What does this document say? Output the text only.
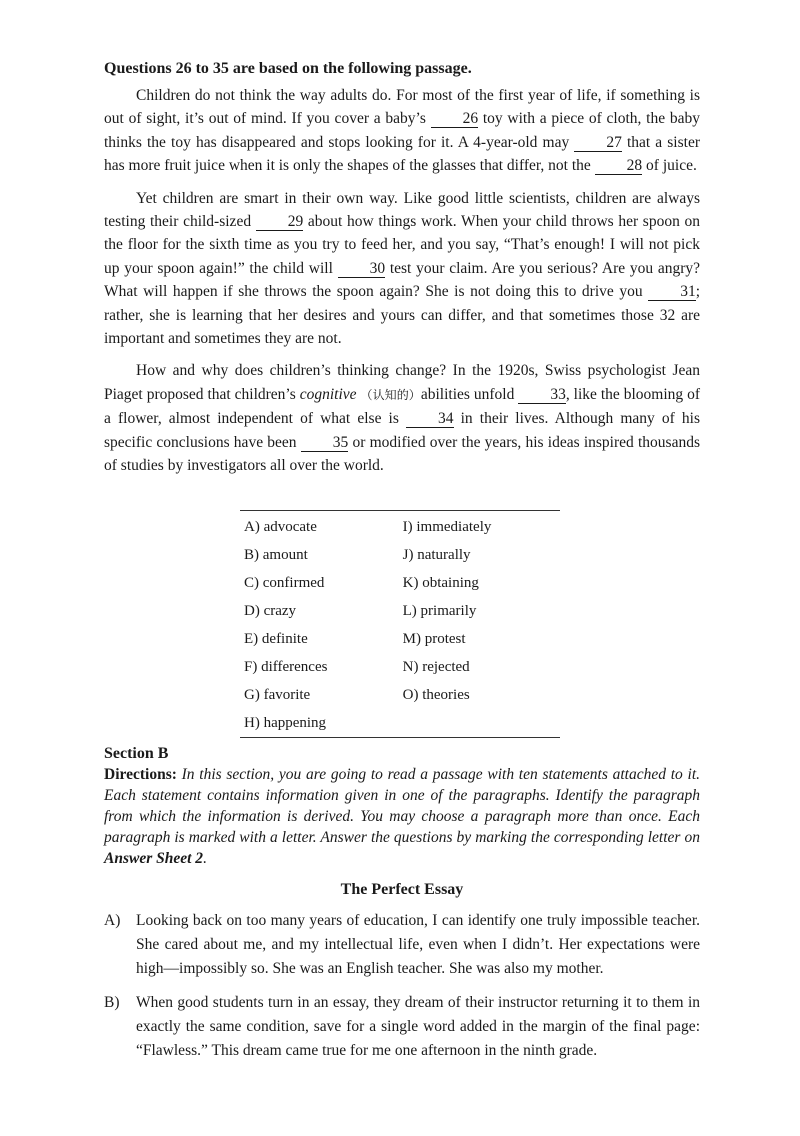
Questions 26 to 35 are based on the following passage.

Children do not think the way adults do. For most of the first year of life, if something is out of sight, it’s out of mind. If you cover a baby’s 26 toy with a piece of cloth, the baby thinks the toy has disappeared and stops looking for it. A 4-year-old may 27 that a sister has more fruit juice when it is only the shapes of the glasses that differ, not the 28 of juice.

Yet children are smart in their own way. Like good little scientists, children are always testing their child-sized 29 about how things work. When your child throws her spoon on the floor for the sixth time as you try to feed her, and you say, “That’s enough! I will not pick up your spoon again!” the child will 30 test your claim. Are you serious? Are you angry? What will happen if she throws the spoon again? She is not doing this to drive you 31; rather, she is learning that her desires and yours can differ, and that sometimes those 32 are important and sometimes they are not.

How and why does children’s thinking change? In the 1920s, Swiss psychologist Jean Piaget proposed that children’s cognitive （认知的）abilities unfold 33, like the blooming of a flower, almost independent of what else is 34 in their lives. Although many of his specific conclusions have been 35 or modified over the years, his ideas inspired thousands of studies by investigators all over the world.

A) advocate	I) immediately
B) amount	J) naturally
C) confirmed	K) obtaining
D) crazy	L) primarily
E) definite	M) protest
F) differences	N) rejected
G) favorite	O) theories
H) happening	

Section B

Directions: In this section, you are going to read a passage with ten statements attached to it. Each statement contains information given in one of the paragraphs. Identify the paragraph from which the information is derived. You may choose a paragraph more than once. Each paragraph is marked with a letter. Answer the questions by marking the corresponding letter on Answer Sheet 2.

The Perfect Essay

A)	Looking back on too many years of education, I can identify one truly impossible teacher. She cared about me, and my intellectual life, even when I didn’t. Her expectations were high—impossibly so. She was an English teacher. She was also my mother.
B)	When good students turn in an essay, they dream of their instructor returning it to them in exactly the same condition, save for a single word added in the margin of the final page: “Flawless.” This dream came true for me one afternoon in the ninth grade.
